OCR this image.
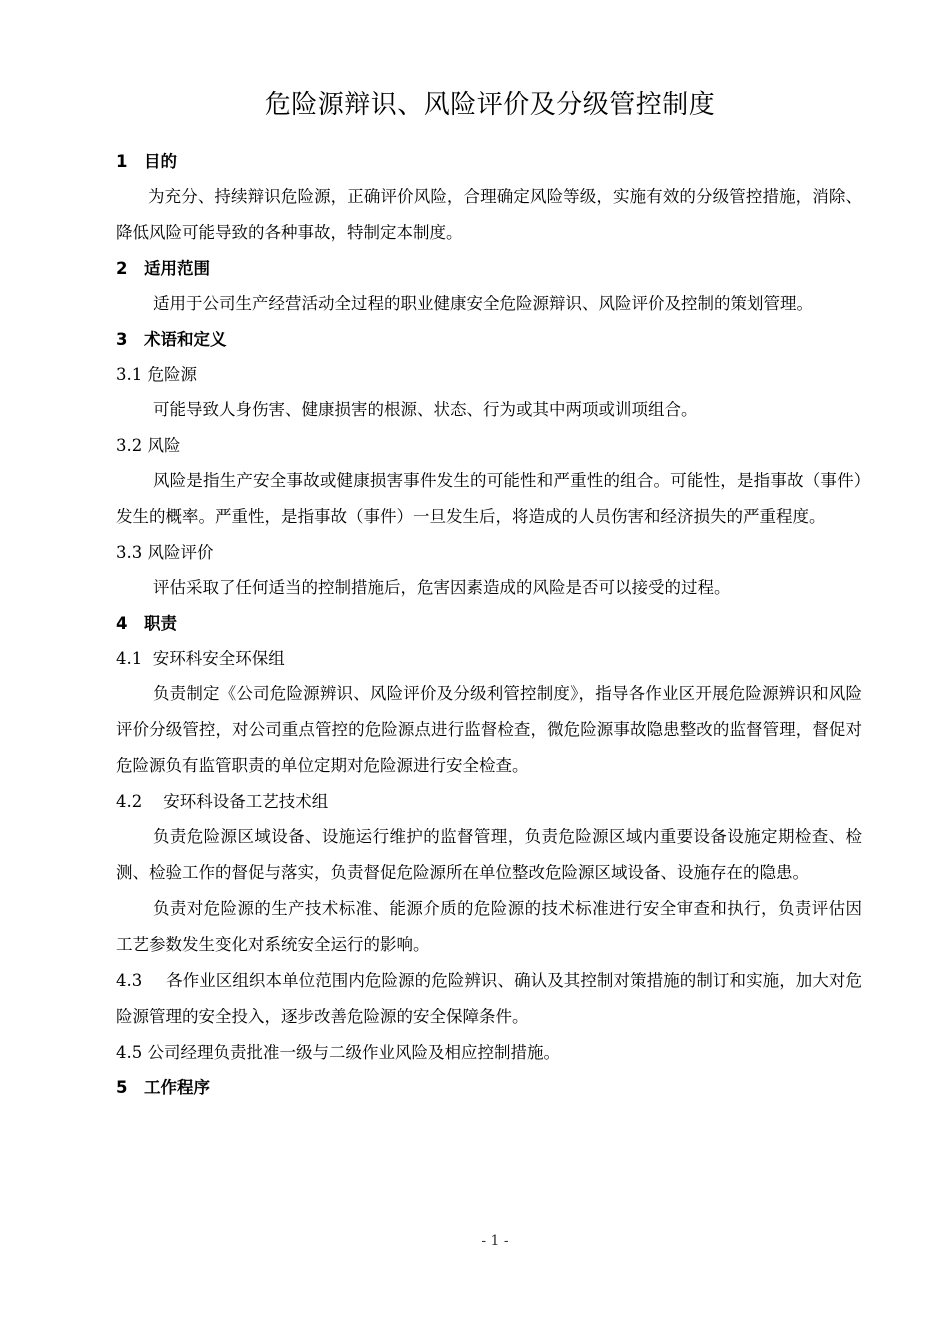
危险源辩识、风险评价及分级管控制度
1 目的

为充分、持续辩识危险源，正确评价风险，合理确定风险等级，实施有效的分级管控措施，消除、降低风险可能导致的各种事故，特制定本制度。

2 适用范围

适用于公司生产经营活动全过程的职业健康安全危险源辩识、风险评价及控制的策划管理。

3 术语和定义
3.1 危险源

可能导致人身伤害、健康损害的根源、状态、行为或其中两项或训项组合。

3.2 风险

风险是指生产安全事故或健康损害事件发生的可能性和严重性的组合。可能性，是指事故（事件）发生的概率。严重性，是指事故（事件）一旦发生后，将造成的人员伤害和经济损失的严重程度。

3.3 风险评价

评估采取了任何适当的控制措施后，危害因素造成的风险是否可以接受的过程。

4 职责
4.1  安环科安全环保组

负责制定《公司危险源辨识、风险评价及分级利管控制度》，指导各作业区开展危险源辨识和风险评价分级管控，对公司重点管控的危险源点进行监督检查，微危险源事故隐患整改的监督管理，督促对危险源负有监管职责的单位定期对危险源进行安全检查。

4.2    安环科设备工艺技术组

负责危险源区域设备、设施运行维护的监督管理，负责危险源区域内重要设备设施定期检查、检测、检验工作的督促与落实，负责督促危险源所在单位整改危险源区域设备、设施存在的隐患。

负责对危险源的生产技术标准、能源介质的危险源的技术标准进行安全审查和执行，负责评估因工艺参数发生变化对系统安全运行的影响。

4.3 各作业区组织本单位范围内危险源的危险辨识、确认及其控制对策措施的制订和实施，加大对危险源管理的安全投入，逐步改善危险源的安全保障条件。

4.5 公司经理负责批准一级与二级作业风险及相应控制措施。
5 工作程序
- 1 -
